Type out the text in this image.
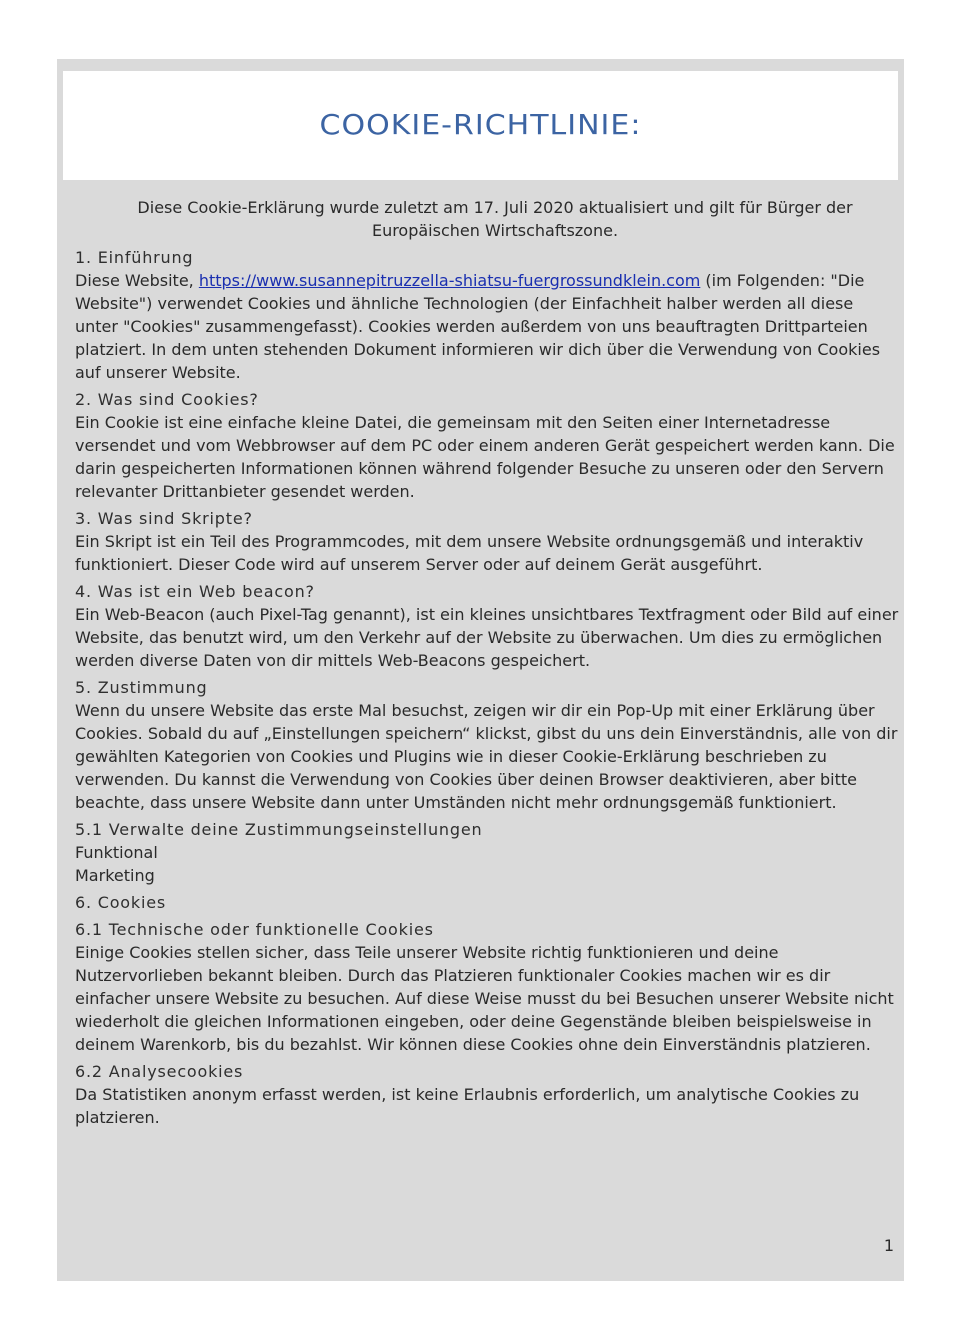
COOKIE-RICHTLINIE:

Diese Cookie-Erklärung wurde zuletzt am 17. Juli 2020 aktualisiert und gilt für Bürger der Europäischen Wirtschaftszone.

1. Einführung

Diese Website, https://www.susannepitruzzella-shiatsu-fuergrossundklein.com (im Folgenden: "Die Website") verwendet Cookies und ähnliche Technologien (der Einfachheit halber werden all diese unter "Cookies" zusammengefasst). Cookies werden außerdem von uns beauftragten Drittparteien platziert. In dem unten stehenden Dokument informieren wir dich über die Verwendung von Cookies auf unserer Website.

2. Was sind Cookies?

Ein Cookie ist eine einfache kleine Datei, die gemeinsam mit den Seiten einer Internetadresse versendet und vom Webbrowser auf dem PC oder einem anderen Gerät gespeichert werden kann. Die darin gespeicherten Informationen können während folgender Besuche zu unseren oder den Servern relevanter Drittanbieter gesendet werden.

3. Was sind Skripte?

Ein Skript ist ein Teil des Programmcodes, mit dem unsere Website ordnungsgemäß und interaktiv funktioniert. Dieser Code wird auf unserem Server oder auf deinem Gerät ausgeführt.

4. Was ist ein Web beacon?

Ein Web-Beacon (auch Pixel-Tag genannt), ist ein kleines unsichtbares Textfragment oder Bild auf einer Website, das benutzt wird, um den Verkehr auf der Website zu überwachen. Um dies zu ermöglichen werden diverse Daten von dir mittels Web-Beacons gespeichert.

5. Zustimmung

Wenn du unsere Website das erste Mal besuchst, zeigen wir dir ein Pop-Up mit einer Erklärung über Cookies. Sobald du auf „Einstellungen speichern“ klickst, gibst du uns dein Einverständnis, alle von dir gewählten Kategorien von Cookies und Plugins wie in dieser Cookie-Erklärung beschrieben zu verwenden. Du kannst die Verwendung von Cookies über deinen Browser deaktivieren, aber bitte beachte, dass unsere Website dann unter Umständen nicht mehr ordnungsgemäß funktioniert.

5.1 Verwalte deine Zustimmungseinstellungen

Funktional

Marketing

6. Cookies

6.1 Technische oder funktionelle Cookies

Einige Cookies stellen sicher, dass Teile unserer Website richtig funktionieren und deine Nutzervorlieben bekannt bleiben. Durch das Platzieren funktionaler Cookies machen wir es dir einfacher unsere Website zu besuchen. Auf diese Weise musst du bei Besuchen unserer Website nicht wiederholt die gleichen Informationen eingeben, oder deine Gegenstände bleiben beispielsweise in deinem Warenkorb, bis du bezahlst. Wir können diese Cookies ohne dein Einverständnis platzieren.

6.2 Analysecookies

Da Statistiken anonym erfasst werden, ist keine Erlaubnis erforderlich, um analytische Cookies zu platzieren.

1
